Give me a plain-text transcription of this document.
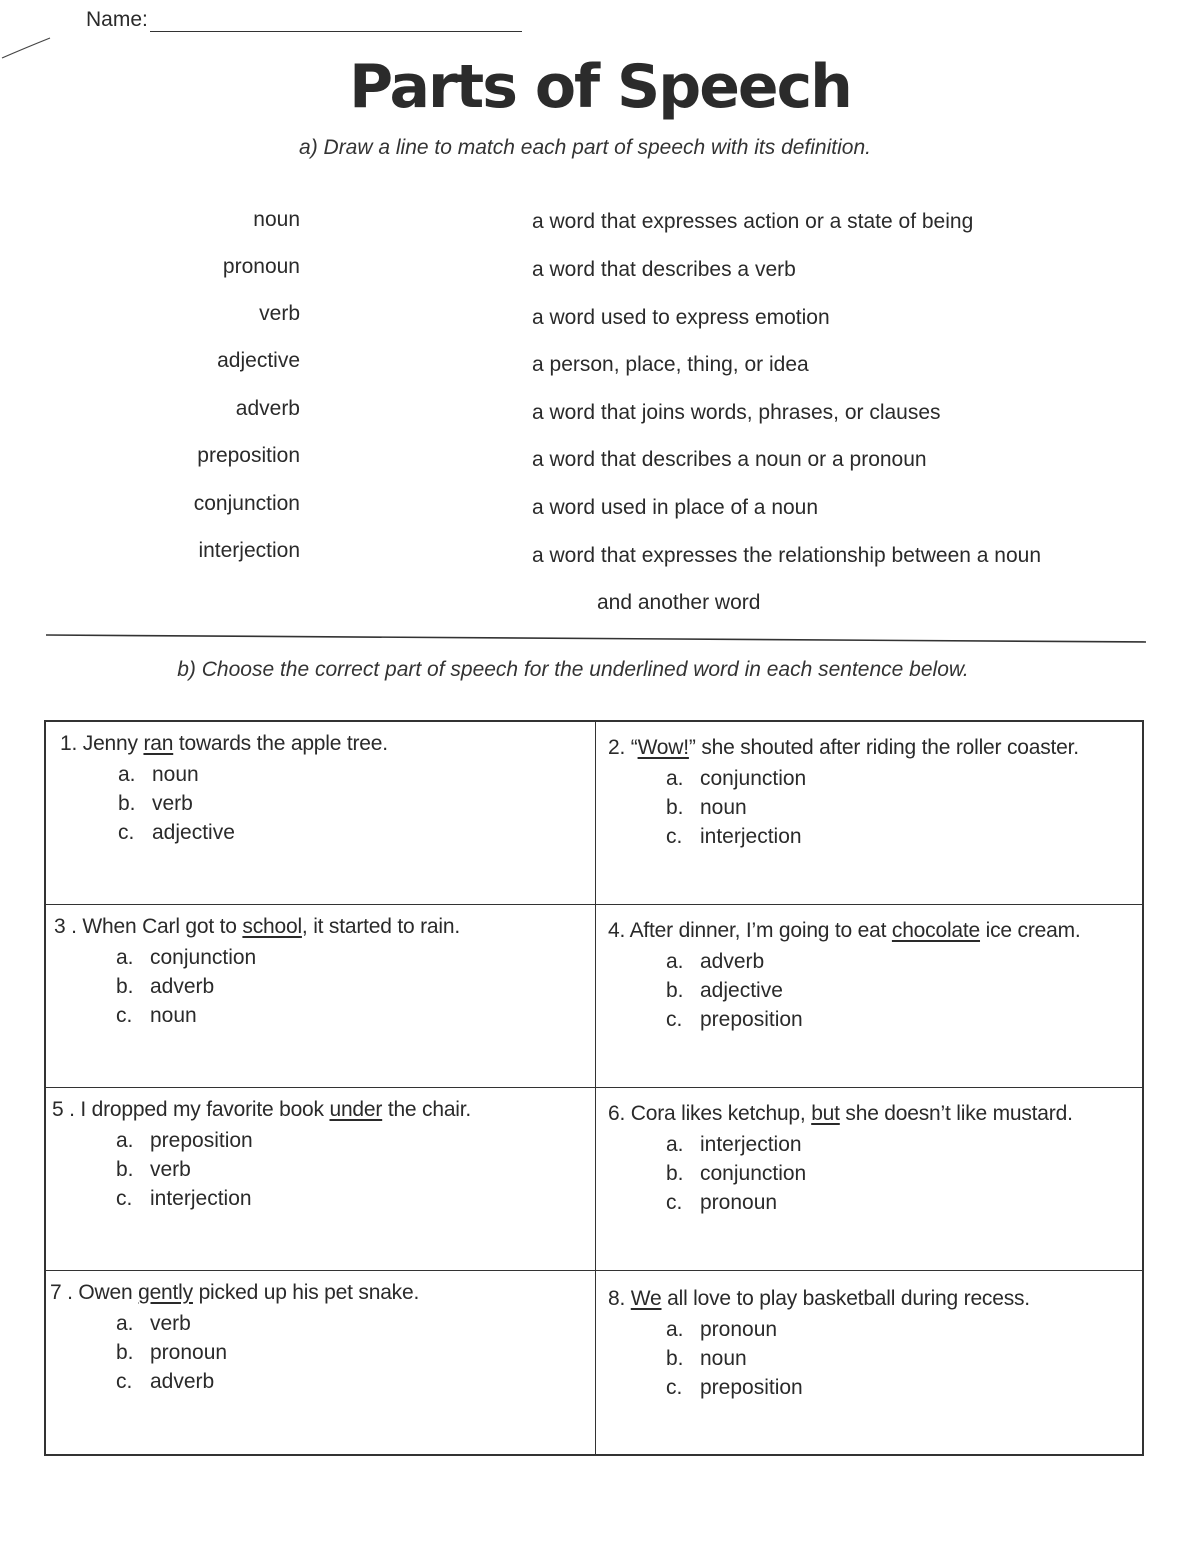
Name:
Parts of Speech
a) Draw a line to match each part of speech with its definition.
noun
pronoun
verb
adjective
adverb
preposition
conjunction
interjection
a word that expresses action or a state of being
a word that describes a verb
a word used to express emotion
a person, place, thing, or idea
a word that joins words, phrases, or clauses
a word that describes a noun or a pronoun
a word used in place of a noun
a word that expresses the relationship between a noun
and another word
b) Choose the correct part of speech for the underlined word in each sentence below.
1. Jenny ran towards the apple tree.
a. noun
b. verb
c. adjective
2. “Wow!” she shouted after riding the roller coaster.
a. conjunction
b. noun
c. interjection
3 . When Carl got to school, it started to rain.
a. conjunction
b. adverb
c. noun
4. After dinner, I’m going to eat chocolate ice cream.
a. adverb
b. adjective
c. preposition
5 . I dropped my favorite book under the chair.
a. preposition
b. verb
c. interjection
6. Cora likes ketchup, but she doesn’t like mustard.
a. interjection
b. conjunction
c. pronoun
7 . Owen gently picked up his pet snake.
a. verb
b. pronoun
c. adverb
8. We all love to play basketball during recess.
a. pronoun
b. noun
c. preposition
